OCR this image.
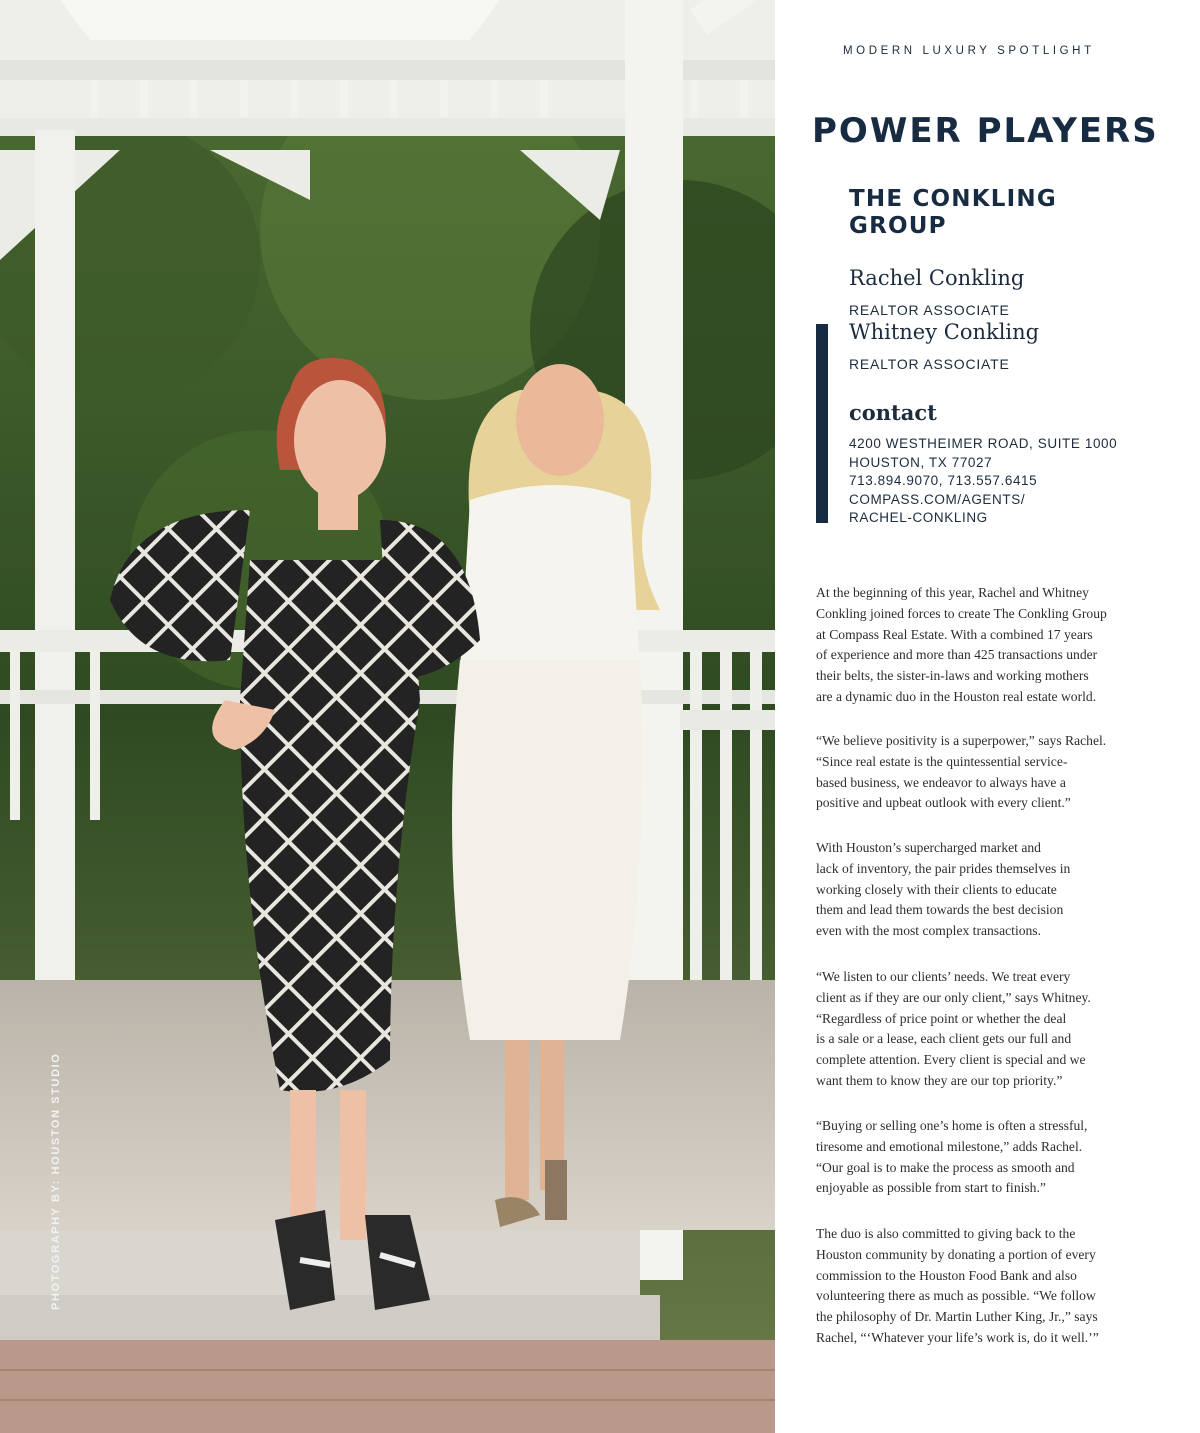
PHOTOGRAPHY BY: HOUSTON STUDIO
MODERN LUXURY SPOTLIGHT
POWER PLAYERS
THE CONKLING
GROUP
Rachel Conkling
REALTOR ASSOCIATE
Whitney Conkling
REALTOR ASSOCIATE
contact
4200 WESTHEIMER ROAD, SUITE 1000
HOUSTON, TX 77027
713.894.9070, 713.557.6415
COMPASS.COM/AGENTS/
RACHEL-CONKLING
At the beginning of this year, Rachel and Whitney
Conkling joined forces to create The Conkling Group
at Compass Real Estate. With a combined 17 years
of experience and more than 425 transactions under
their belts, the sister-in-laws and working mothers
are a dynamic duo in the Houston real estate world.
“We believe positivity is a superpower,” says Rachel.
“Since real estate is the quintessential service-
based business, we endeavor to always have a
positive and upbeat outlook with every client.”
With Houston’s supercharged market and
lack of inventory, the pair prides themselves in
working closely with their clients to educate
them and lead them towards the best decision
even with the most complex transactions.
“We listen to our clients’ needs. We treat every
client as if they are our only client,” says Whitney.
“Regardless of price point or whether the deal
is a sale or a lease, each client gets our full and
complete attention. Every client is special and we
want them to know they are our top priority.”
“Buying or selling one’s home is often a stressful,
tiresome and emotional milestone,” adds Rachel.
“Our goal is to make the process as smooth and
enjoyable as possible from start to finish.”
The duo is also committed to giving back to the
Houston community by donating a portion of every
commission to the Houston Food Bank and also
volunteering there as much as possible. “We follow
the philosophy of Dr. Martin Luther King, Jr.,” says
Rachel, “‘Whatever your life’s work is, do it well.’”
